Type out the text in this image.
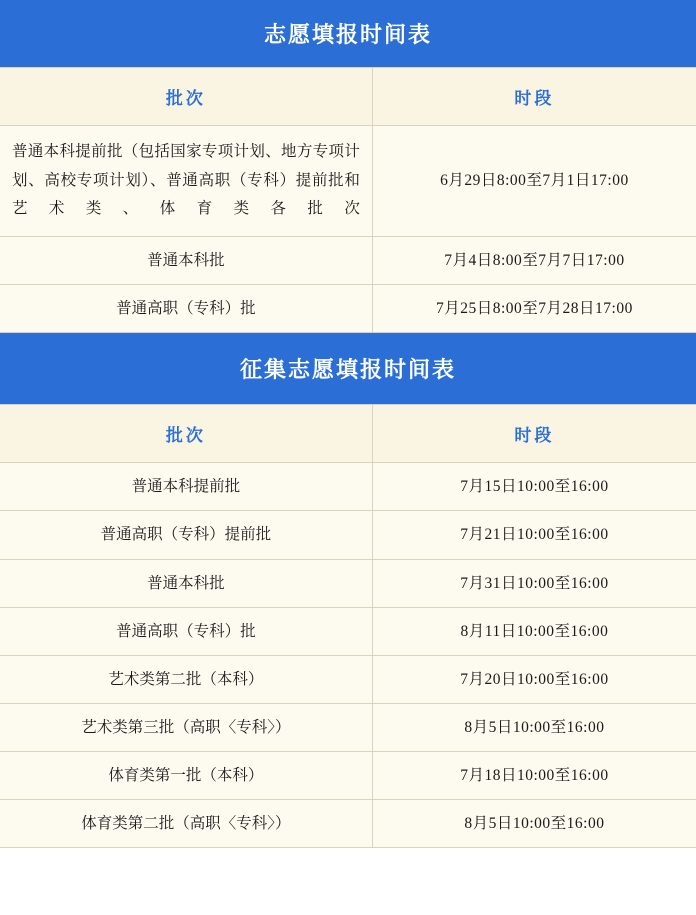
志愿填报时间表	
批次	时段
普通本科提前批（包括国家专项计划、地方专项计划、高校专项计划）、普通高职（专科）提前批和艺术类、体育类各批次	6月29日8:00至7月1日17:00
普通本科批	7月4日8:00至7月7日17:00
普通高职（专科）批	7月25日8:00至7月28日17:00
征集志愿填报时间表	
批次	时段
普通本科提前批	7月15日10:00至16:00
普通高职（专科）提前批	7月21日10:00至16:00
普通本科批	7月31日10:00至16:00
普通高职（专科）批	8月11日10:00至16:00
艺术类第二批（本科）	7月20日10:00至16:00
艺术类第三批（高职〈专科〉）	8月5日10:00至16:00
体育类第一批（本科）	7月18日10:00至16:00
体育类第二批（高职〈专科〉）	8月5日10:00至16:00
